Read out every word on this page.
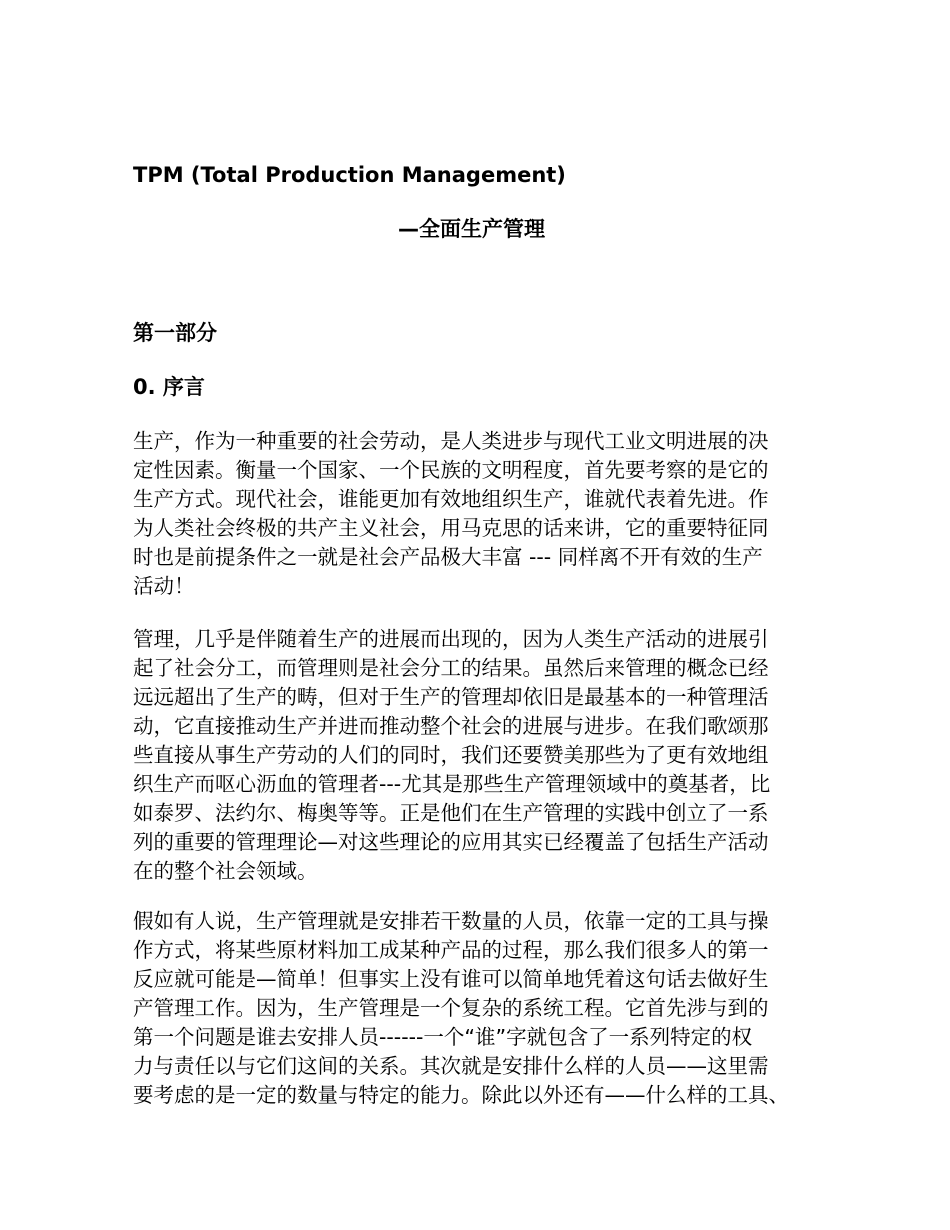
TPM (Total Production Management)
—全面生产管理
第一部分
0. 序言
生产，作为一种重要的社会劳动，是人类进步与现代工业文明进展的决
定性因素。衡量一个国家、一个民族的文明程度，首先要考察的是它的
生产方式。现代社会，谁能更加有效地组织生产，谁就代表着先进。作
为人类社会终极的共产主义社会，用马克思的话来讲，它的重要特征同
时也是前提条件之一就是社会产品极大丰富 --- 同样离不开有效的生产
活动！
管理，几乎是伴随着生产的进展而出现的，因为人类生产活动的进展引
起了社会分工，而管理则是社会分工的结果。虽然后来管理的概念已经
远远超出了生产的畴，但对于生产的管理却依旧是最基本的一种管理活
动，它直接推动生产并进而推动整个社会的进展与进步。在我们歌颂那
些直接从事生产劳动的人们的同时，我们还要赞美那些为了更有效地组
织生产而呕心沥血的管理者---尤其是那些生产管理领域中的奠基者，比
如泰罗、法约尔、梅奥等等。正是他们在生产管理的实践中创立了一系
列的重要的管理理论—对这些理论的应用其实已经覆盖了包括生产活动
在的整个社会领域。
假如有人说，生产管理就是安排若干数量的人员，依靠一定的工具与操
作方式，将某些原材料加工成某种产品的过程，那么我们很多人的第一
反应就可能是—简单！但事实上没有谁可以简单地凭着这句话去做好生
产管理工作。因为，生产管理是一个复杂的系统工程。它首先涉与到的
第一个问题是谁去安排人员------一个“谁”字就包含了一系列特定的权
力与责任以与它们这间的关系。其次就是安排什么样的人员——这里需
要考虑的是一定的数量与特定的能力。除此以外还有——什么样的工具、
